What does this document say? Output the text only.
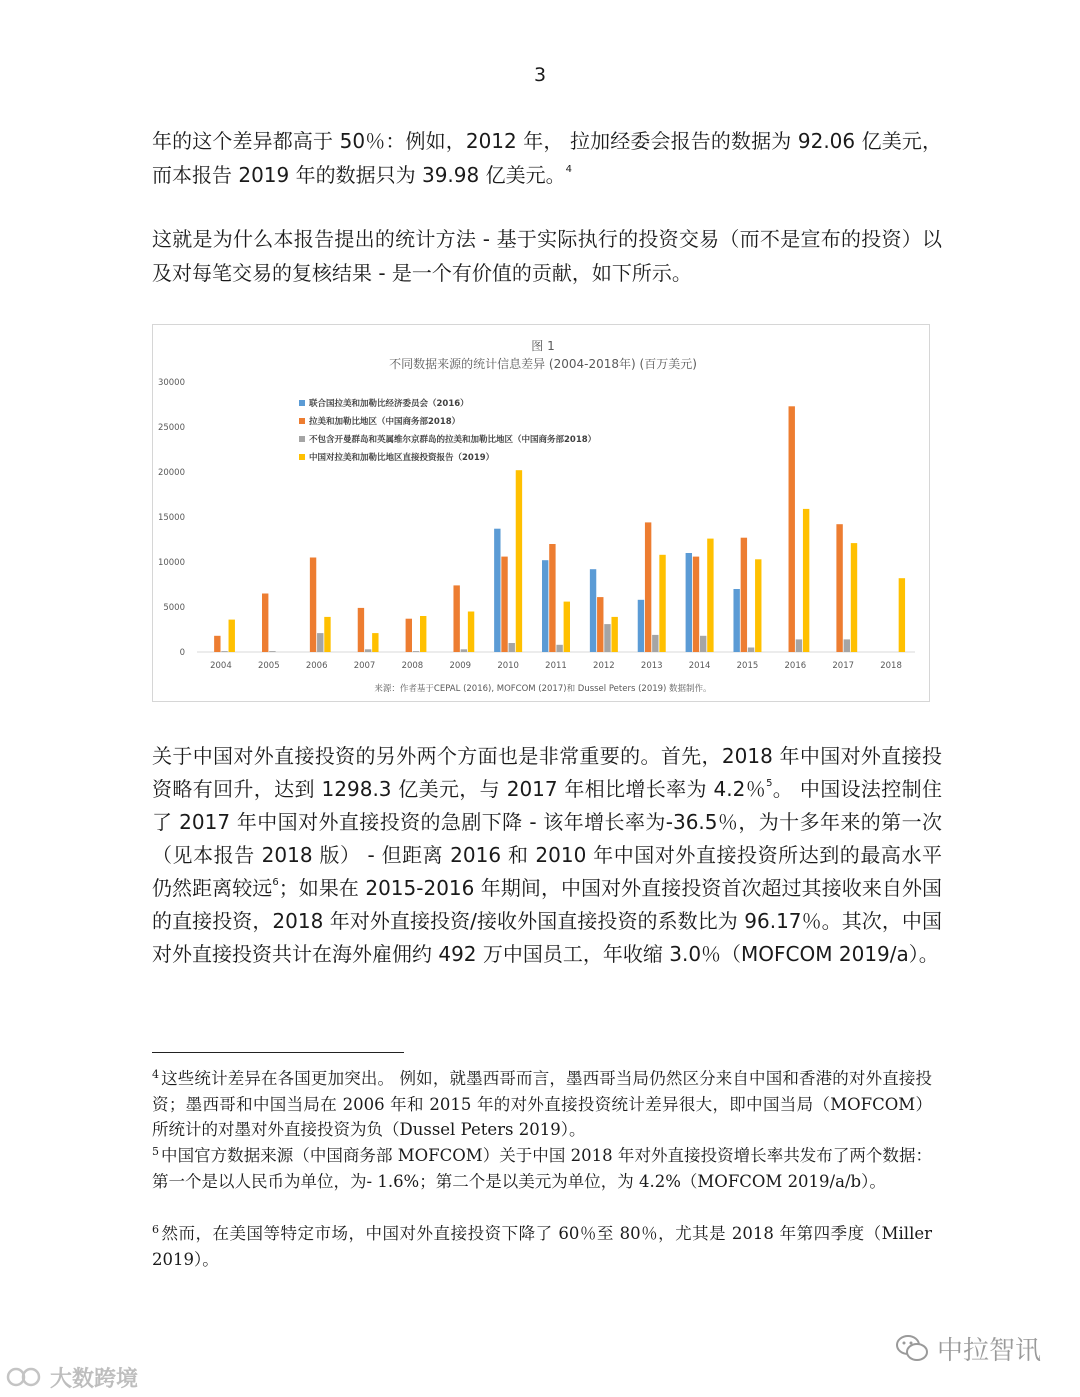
3

年的这个差异都高于 50％：例如，2012 年， 拉加经委会报告的数据为 92.06 亿美元，而本报告 2019 年的数据只为 39.98 亿美元。$^4$

这就是为什么本报告提出的统计方法 - 基于实际执行的投资交易（而不是宣布的投资）以及对每笔交易的复核结果 - 是一个有价值的贡献，如下所示。

图 1
不同数据来源的统计信息差异 (2004-2018年) (百万美元)
0
5000
10000
15000
20000
25000
30000
2004	2005	2006	2007	2008	2009	2010	2011	2012	2013	2014	2015	2016	2017	2018
联合国拉美和加勒比经济委员会（2016）
拉美和加勒比地区（中国商务部2018）
不包含开曼群岛和英属维尔京群岛的拉美和加勒比地区（中国商务部2018）
中国对拉美和加勒比地区直接投资报告（2019）
来源：作者基于CEPAL (2016), MOFCOM (2017)和 Dussel Peters (2019) 数据制作。

关于中国对外直接投资的另外两个方面也是非常重要的。首先，2018 年中国对外直接投资略有回升，达到 1298.3 亿美元，与 2017 年相比增长率为 4.2％$^5$。 中国设法控制住了 2017 年中国对外直接投资的急剧下降 - 该年增长率为-36.5％，为十多年来的第一次（见本报告 2018 版） - 但距离 2016 和 2010 年中国对外直接投资所达到的最高水平仍然距离较远$^6$；如果在 2015-2016 年期间，中国对外直接投资首次超过其接收来自外国的直接投资，2018 年对外直接投资/接收外国直接投资的系数比为 96.17％。其次，中国对外直接投资共计在海外雇佣约 492 万中国员工，年收缩 3.0％（MOFCOM 2019/a）。

$^4$ 这些统计差异在各国更加突出。 例如，就墨西哥而言，墨西哥当局仍然区分来自中国和香港的对外直接投资；墨西哥和中国当局在 2006 年和 2015 年的对外直接投资统计差异很大，即中国当局（MOFCOM）所统计的对墨对外直接投资为负（Dussel Peters 2019）。

$^5$ 中国官方数据来源（中国商务部 MOFCOM）关于中国 2018 年对外直接投资增长率共发布了两个数据：第一个是以人民币为单位，为- 1.6%；第二个是以美元为单位，为 4.2%（MOFCOM 2019/a/b）。

$^6$ 然而，在美国等特定市场，中国对外直接投资下降了 60％至 80％，尤其是 2018 年第四季度（Miller 2019）。

中拉智讯
大数跨境
